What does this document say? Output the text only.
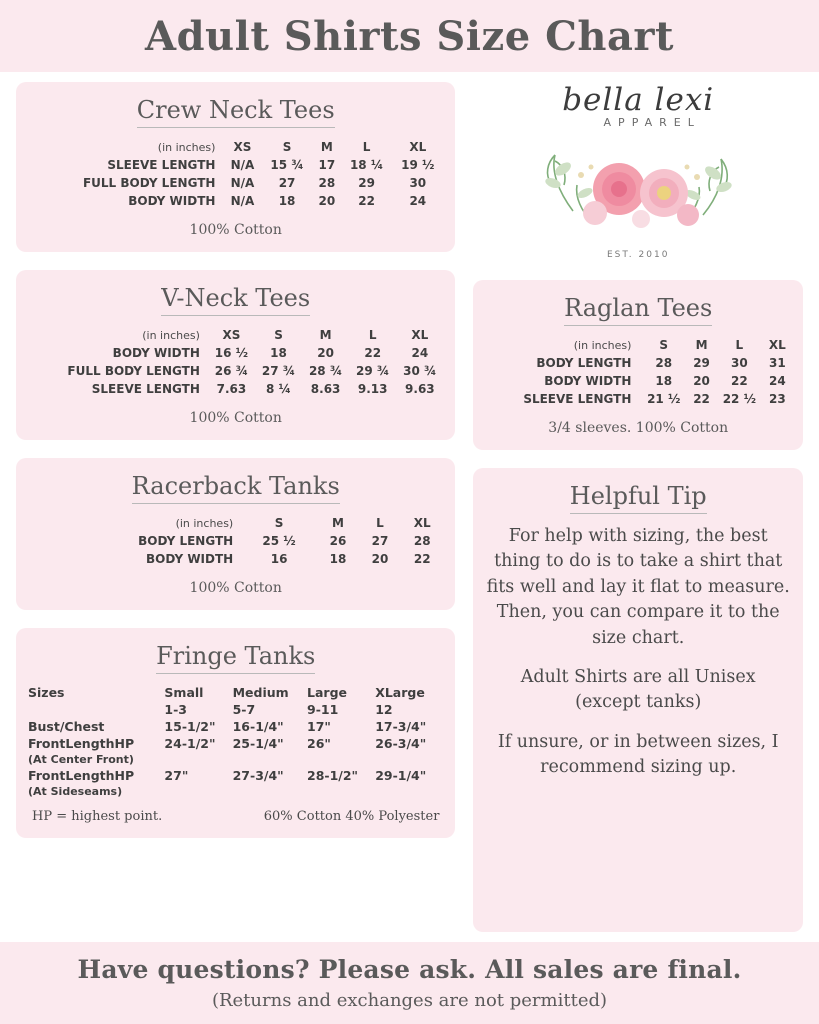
Adult Shirts Size Chart
Crew Neck Tees
(in inches)	XS	S	M	L	XL
SLEEVE LENGTH	N/A	15 ¾	17	18 ¼	19 ½
FULL BODY LENGTH	N/A	27	28	29	30
BODY WIDTH	N/A	18	20	22	24
100% Cotton
V-Neck Tees
(in inches)	XS	S	M	L	XL
BODY WIDTH	16 ½	18	20	22	24
FULL BODY LENGTH	26 ¾	27 ¾	28 ¾	29 ¾	30 ¾
SLEEVE LENGTH	7.63	8 ¼	8.63	9.13	9.63
100% Cotton
Racerback Tanks
(in inches)	S	M	L	XL
BODY LENGTH	25 ½	26	27	28
BODY WIDTH	16	18	20	22
100% Cotton
Fringe Tanks
Sizes	Small	Medium	Large	XLarge
	1-3	5-7	9-11	12
Bust/Chest	15-1/2"	16-1/4"	17"	17-3/4"
FrontLengthHP	24-1/2"	25-1/4"	26"	26-3/4"
(At Center Front)				
FrontLengthHP	27"	27-3/4"	28-1/2"	29-1/4"
(At Sideseams)				
HP = highest point.	60% Cotton 40% Polyester
bella lexi
APPAREL
EST. 2010
Raglan Tees
(in inches)	S	M	L	XL
BODY LENGTH	28	29	30	31
BODY WIDTH	18	20	22	24
SLEEVE LENGTH	21 ½	22	22 ½	23
3/4 sleeves. 100% Cotton
Helpful Tip

For help with sizing, the best thing to do is to take a shirt that fits well and lay it flat to measure. Then, you can compare it to the size chart.

Adult Shirts are all Unisex (except tanks)

If unsure, or in between sizes, I recommend sizing up.

Have questions? Please ask. All sales are final.
(Returns and exchanges are not permitted)
